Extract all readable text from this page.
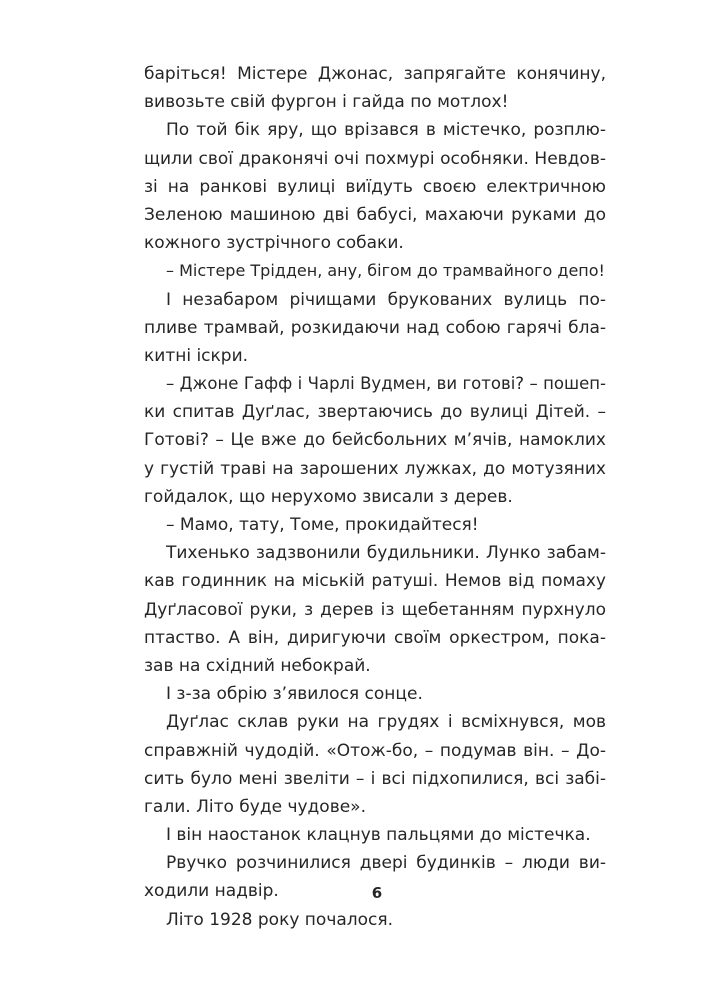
баріться! Містере Джонас, запрягайте конячину,
вивозьте свій фургон і гайда по мотлох!
По той бік яру, що врізався в містечко, розплю-
щили свої драконячі очі похмурі особняки. Невдов-
зі на ранкові вулиці виїдуть своєю електричною
Зеленою машиною дві бабусі, махаючи руками до
кожного зустрічного собаки.
– Містере Трідден, ану, бігом до трамвайного депо!
І незабаром річищами брукованих вулиць по-
пливе трамвай, розкидаючи над собою гарячі бла-
китні іскри.
– Джоне Гафф і Чарлі Вудмен, ви готові? – пошеп-
ки спитав Дуґлас, звертаючись до вулиці Дітей. –
Готові? – Це вже до бейсбольних м’ячів, намоклих
у густій траві на зарошених лужках, до мотузяних
гойдалок, що нерухомо звисали з дерев.
– Мамо, тату, Томе, прокидайтеся!
Тихенько задзвонили будильники. Лунко забам-
кав годинник на міській ратуші. Немов від помаху
Дуґласової руки, з дерев із щебетанням пурхнуло
птаство. А він, диригуючи своїм оркестром, пока-
зав на східний небокрай.
І з-за обрію з’явилося сонце.
Дуґлас склав руки на грудях і всміхнувся, мов
справжній чудодій. «Отож-бо, – подумав він. – До-
сить було мені звеліти – і всі підхопилися, всі забі-
гали. Літо буде чудове».
І він наостанок клацнув пальцями до містечка.
Рвучко розчинилися двері будинків – люди ви-
ходили надвір.
Літо 1928 року почалося.
6
